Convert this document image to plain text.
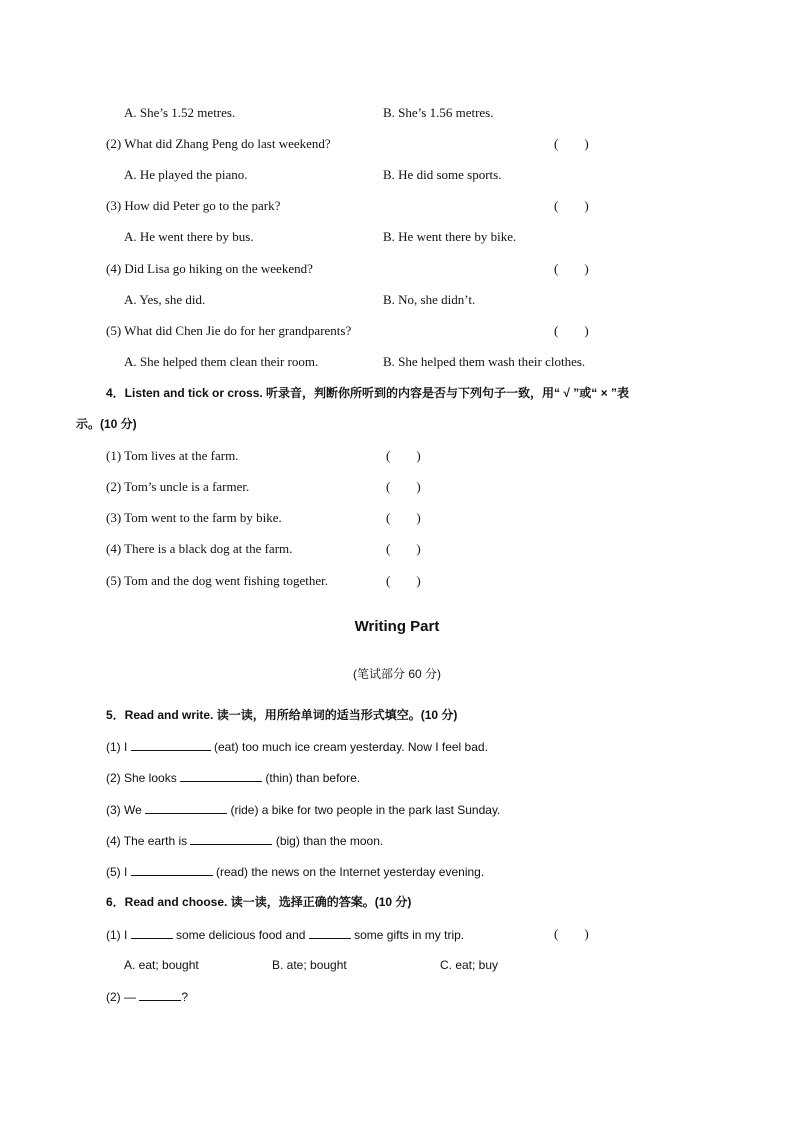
A. She’s 1.52 metres.	B. She’s 1.56 metres.
(2) What did Zhang Peng do last weekend?	(        )
A. He played the piano.	B. He did some sports.
(3) How did Peter go to the park?	(        )
A. He went there by bus.	B. He went there by bike.
(4) Did Lisa go hiking on the weekend?	(        )
A. Yes, she did.	B. No, she didn’t.
(5) What did Chen Jie do for her grandparents?	(        )
A. She helped them clean their room.	B. She helped them wash their clothes.
4．Listen and tick or cross. 听录音，判断你所听到的内容是否与下列句子一致，用“ √ ”或“ × ”表
示。(10 分)
(1) Tom lives at the farm.	(        )
(2) Tom’s uncle is a farmer.	(        )
(3) Tom went to the farm by bike.	(        )
(4) There is a black dog at the farm.	(        )
(5) Tom and the dog went fishing together.	(        )
Writing Part
(笔试部分 60 分)
5．Read and write. 读一读，用所给单词的适当形式填空。(10 分)
(1) I	(eat) too much ice cream yesterday. Now I feel bad.
(2) She looks	(thin) than before.
(3) We	(ride) a bike for two people in the park last Sunday.
(4) The earth is	(big) than the moon.
(5) I	(read) the news on the Internet yesterday evening.
6．Read and choose. 读一读，选择正确的答案。(10 分)
(1) I	some delicious food and	some gifts in my trip.	(        )
A. eat; bought	B. ate; bought	C. eat; buy
(2) —	?
